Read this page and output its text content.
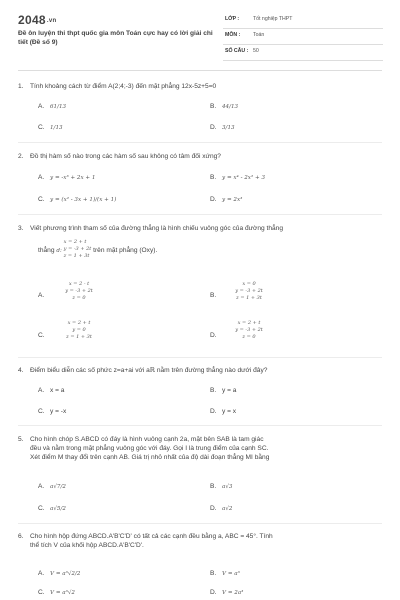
2048.vn
Đề ôn luyện thi thpt quốc gia môn Toán cực hay có lời giải chi tiết (Đề số 9)
LỚP :	Tốt nghiệp THPT
MÔN : Toán
SỐ CÂU : 50
1. Tính khoảng cách từ điểm A(2;4;-3) đến mặt phẳng 12x-5z+5=0
A. 61/13	B. 44/13
C. 1/13	D. 3/13
2. Đồ thị hàm số nào trong các hàm số sau không có tâm đối xứng?
A. y = -x³ + 2x + 1	B. y = x⁴ - 2x² + 3
C. y = (x² - 3x + 1)/(x + 1)	D. y = 2x³
3. Viết phương trình tham số của đường thẳng là hình chiếu vuông góc của đường thẳng
thẳng d:
x = 2 + t
y = -3 + 2t
z = 1 + 3t
trên mặt phẳng (Oxy).
A.
x = 2 - t
y = -3 + 2t
z = 0	B.
x = 0
y = -3 + 2t
z = 1 + 3t
C.
x = 2 + t
y = 0
z = 1 + 3t	D.
x = 2 + t
y = -3 + 2t
z = 0
4. Điểm biểu diễn các số phức z=a+ai với aℝ nằm trên đường thẳng nào dưới đây?
A. x = a	B. y = a
C. y = -x	D. y = x
5. Cho hình chóp S.ABCD có đáy là hình vuông cạnh 2a, mặt bên SAB là tam giác
đều và nằm trong mặt phẳng vuông góc với đáy. Gọi I là trung điểm của cạnh SC.
Xét điểm M thay đổi trên cạnh AB. Giá trị nhỏ nhất của độ dài đoạn thẳng MI bằng
A. a√7/2	B. a√3
C. a√5/2	D. a√2
6. Cho hình hộp đứng ABCD.A'B'C'D' có tất cả các cạnh đều bằng a, ABC = 45°. Tính
thể tích V của khối hộp ABCD.A'B'C'D'.
A. V = a³√2/2	B. V = a³
C. V = a³√2	D. V = 2a³
